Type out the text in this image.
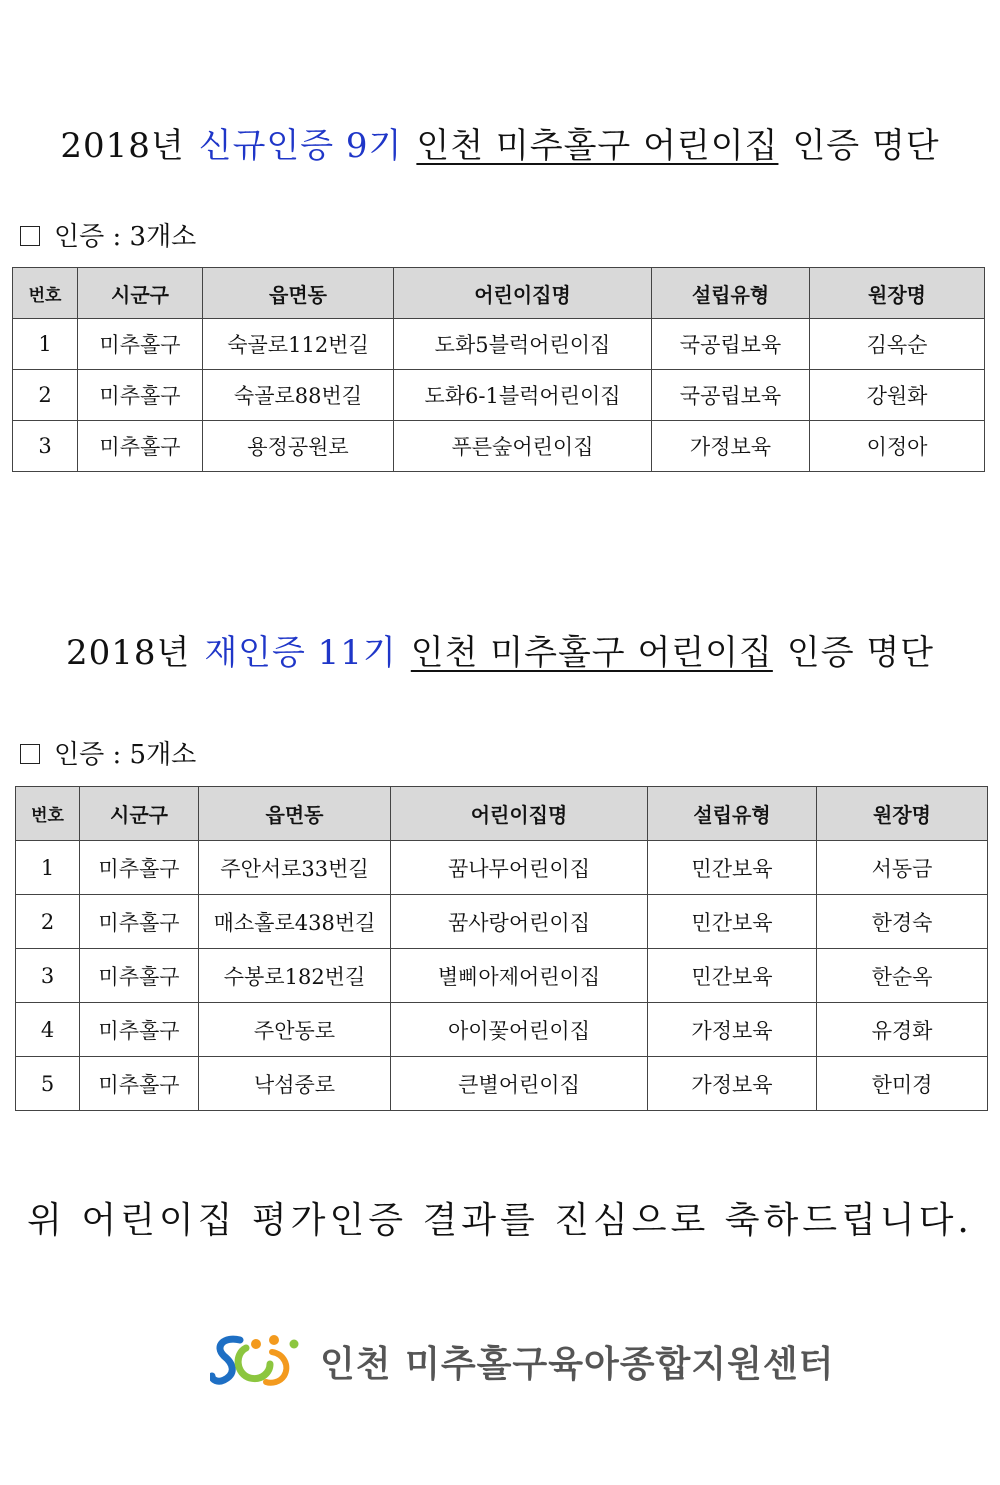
2018년 신규인증 9기 인천 미추홀구 어린이집 인증 명단
인증 : 3개소
번호	시군구	읍면동	어린이집명	설립유형	원장명
1	미추홀구	숙골로112번길	도화5블럭어린이집	국공립보육	김옥순
2	미추홀구	숙골로88번길	도화6-1블럭어린이집	국공립보육	강원화
3	미추홀구	용정공원로	푸른숲어린이집	가정보육	이정아
2018년 재인증 11기 인천 미추홀구 어린이집 인증 명단
인증 : 5개소
번호	시군구	읍면동	어린이집명	설립유형	원장명
1	미추홀구	주안서로33번길	꿈나무어린이집	민간보육	서동금
2	미추홀구	매소홀로438번길	꿈사랑어린이집	민간보육	한경숙
3	미추홀구	수봉로182번길	별삐아제어린이집	민간보육	한순옥
4	미추홀구	주안동로	아이꽃어린이집	가정보육	유경화
5	미추홀구	낙섬중로	큰별어린이집	가정보육	한미경
위 어린이집 평가인증 결과를 진심으로 축하드립니다.
인천 미추홀구육아종합지원센터
